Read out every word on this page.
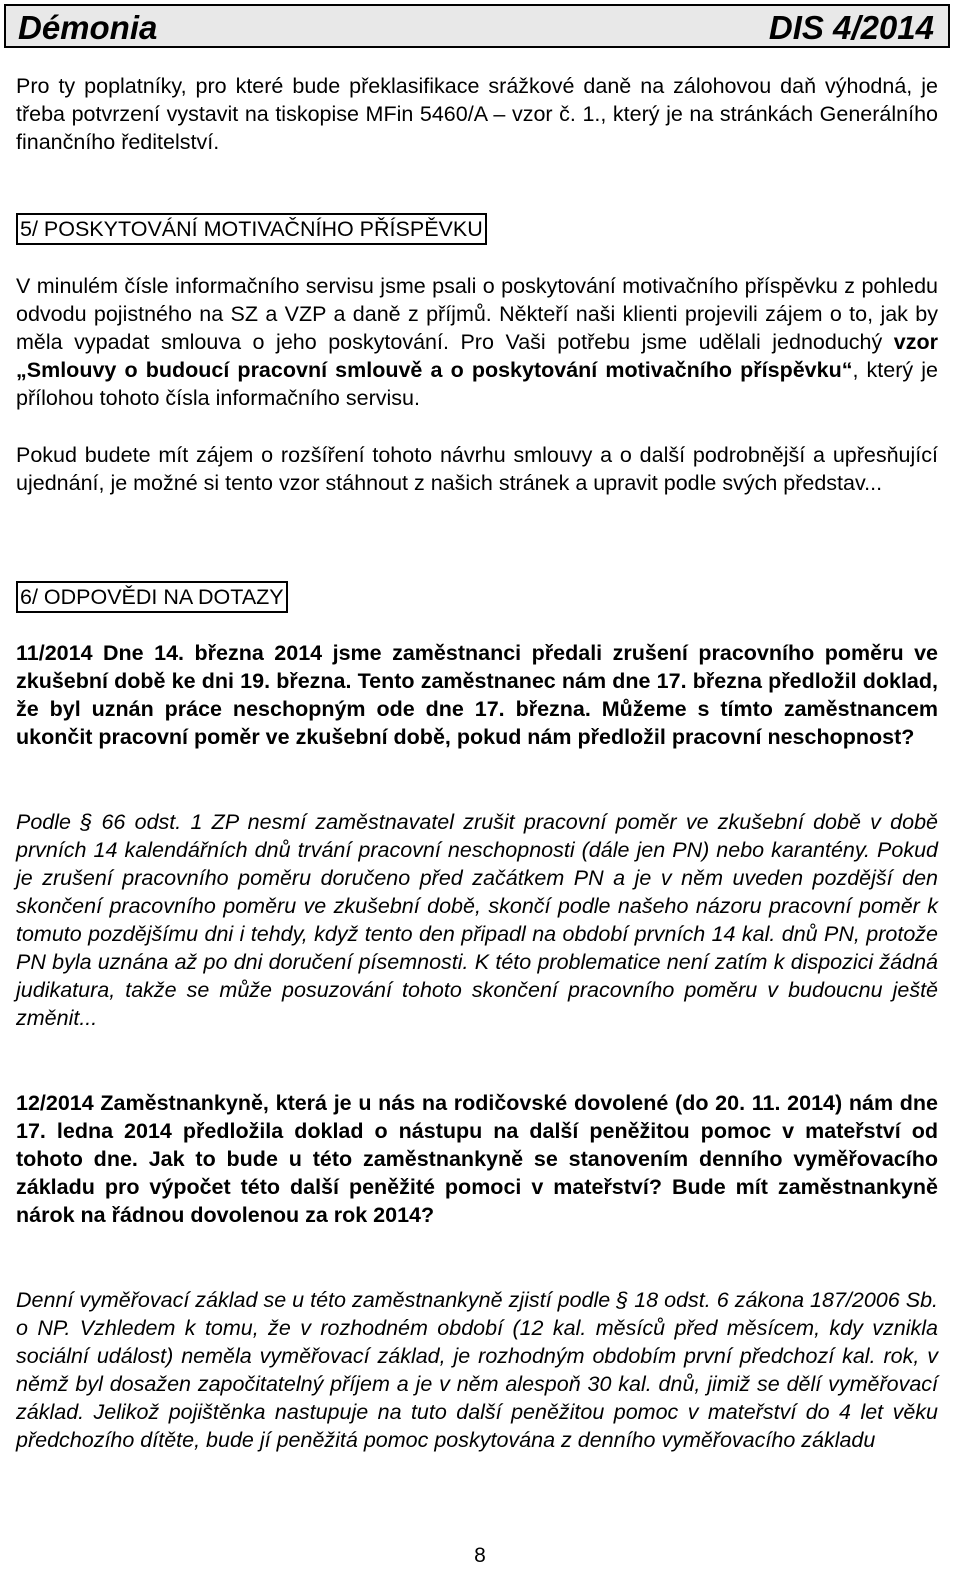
Démonia	DIS 4/2014

Pro ty poplatníky, pro které bude překlasifikace srážkové daně na zálohovou daň výhodná, je třeba potvrzení vystavit na tiskopise MFin 5460/A – vzor č. 1., který je na stránkách Generálního finančního ředitelství.

5/ POSKYTOVÁNÍ MOTIVAČNÍHO PŘÍSPĚVKU

V minulém čísle informačního servisu jsme psali o poskytování motivačního příspěvku z pohledu odvodu pojistného na SZ a VZP a daně z příjmů. Někteří naši klienti projevili zájem o to, jak by měla vypadat smlouva o jeho poskytování. Pro Vaši potřebu jsme udělali jednoduchý vzor „Smlouvy o budoucí pracovní smlouvě a o poskytování motivačního příspěvku“, který je přílohou tohoto čísla informačního servisu.

Pokud budete mít zájem o rozšíření tohoto návrhu smlouvy a o další podrobnější a upřesňující ujednání, je možné si tento vzor stáhnout z našich stránek a upravit podle svých představ...

6/ ODPOVĚDI NA DOTAZY

11/2014 Dne 14. března 2014 jsme zaměstnanci předali zrušení pracovního poměru ve zkušební době ke dni 19. března. Tento zaměstnanec nám dne 17. března předložil doklad, že byl uznán práce neschopným ode dne 17. března. Můžeme s tímto zaměstnancem ukončit pracovní poměr ve zkušební době, pokud nám předložil pracovní neschopnost?

Podle § 66 odst. 1 ZP nesmí zaměstnavatel zrušit pracovní poměr ve zkušební době v době prvních 14 kalendářních dnů trvání pracovní neschopnosti (dále jen PN) nebo karantény. Pokud je zrušení pracovního poměru doručeno před začátkem PN a je v něm uveden pozdější den skončení pracovního poměru ve zkušební době, skončí podle našeho názoru pracovní poměr k tomuto pozdějšímu dni i tehdy, když tento den připadl na období prvních 14 kal. dnů PN, protože PN byla uznána až po dni doručení písemnosti. K této problematice není zatím k dispozici žádná judikatura, takže se může posuzování tohoto skončení pracovního poměru v budoucnu ještě změnit...

12/2014 Zaměstnankyně, která je u nás na rodičovské dovolené (do 20. 11. 2014) nám dne 17. ledna 2014 předložila doklad o nástupu na další peněžitou pomoc v mateřství od tohoto dne. Jak to bude u této zaměstnankyně se stanovením denního vyměřovacího základu pro výpočet této další peněžité pomoci v mateřství? Bude mít zaměstnankyně nárok na řádnou dovolenou za rok 2014?

Denní vyměřovací základ se u této zaměstnankyně zjistí podle § 18 odst. 6 zákona 187/2006 Sb. o NP. Vzhledem k tomu, že v rozhodném období (12 kal. měsíců před měsícem, kdy vznikla sociální událost) neměla vyměřovací základ, je rozhodným obdobím první předchozí kal. rok, v němž byl dosažen započitatelný příjem a je v něm alespoň 30 kal. dnů, jimiž se dělí vyměřovací základ. Jelikož pojištěnka nastupuje na tuto další peněžitou pomoc v mateřství do 4 let věku předchozího dítěte, bude jí peněžitá pomoc poskytována z denního vyměřovacího základu

8
